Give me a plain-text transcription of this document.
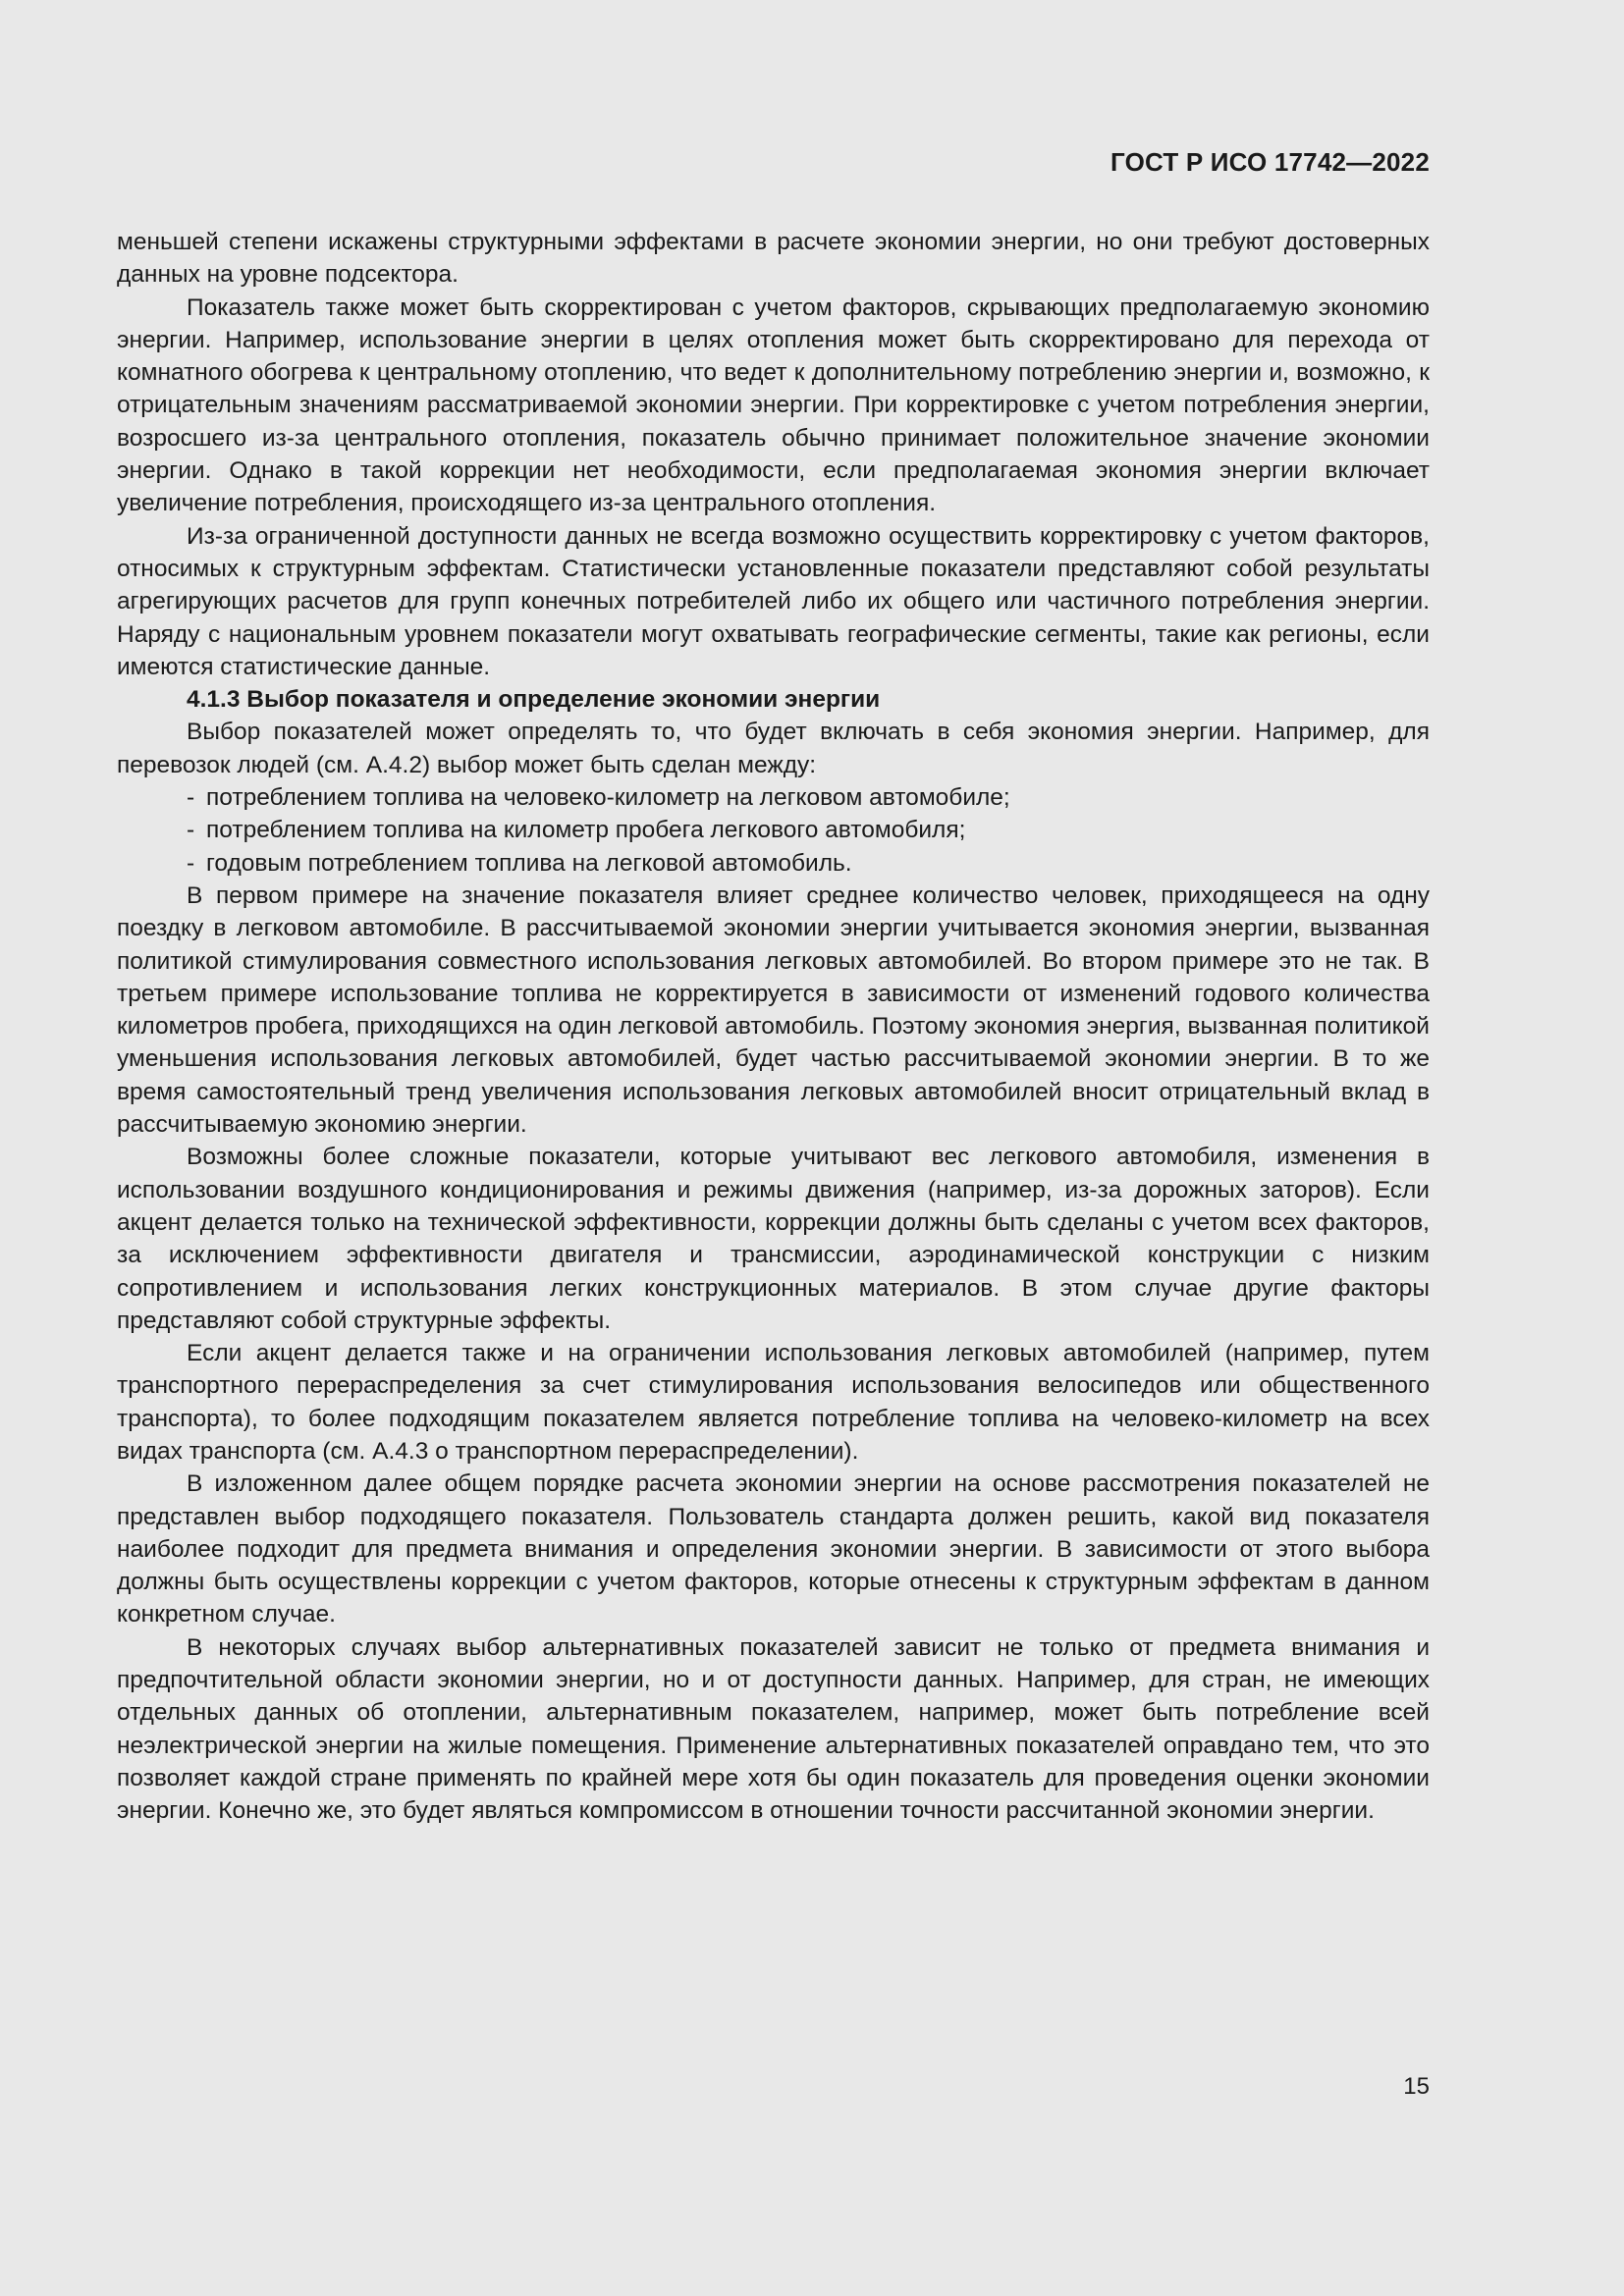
ГОСТ Р ИСО 17742—2022

меньшей степени искажены структурными эффектами в расчете экономии энергии, но они требуют достоверных данных на уровне подсектора.

Показатель также может быть скорректирован с учетом факторов, скрывающих предполагаемую экономию энергии. Например, использование энергии в целях отопления может быть скорректировано для перехода от комнатного обогрева к центральному отоплению, что ведет к дополнительному потреблению энергии и, возможно, к отрицательным значениям рассматриваемой экономии энергии. При корректировке с учетом потребления энергии, возросшего из-за центрального отопления, показатель обычно принимает положительное значение экономии энергии. Однако в такой коррекции нет необходимости, если предполагаемая экономия энергии включает увеличение потребления, происходящего из-за центрального отопления.

Из-за ограниченной доступности данных не всегда возможно осуществить корректировку с учетом факторов, относимых к структурным эффектам. Статистически установленные показатели представляют собой результаты агрегирующих расчетов для групп конечных потребителей либо их общего или частичного потребления энергии. Наряду с национальным уровнем показатели могут охватывать географические сегменты, такие как регионы, если имеются статистические данные.

4.1.3 Выбор показателя и определение экономии энергии

Выбор показателей может определять то, что будет включать в себя экономия энергии. Например, для перевозок людей (см. А.4.2) выбор может быть сделан между:

- потреблением топлива на человеко-километр на легковом автомобиле;
- потреблением топлива на километр пробега легкового автомобиля;
- годовым потреблением топлива на легковой автомобиль.

В первом примере на значение показателя влияет среднее количество человек, приходящееся на одну поездку в легковом автомобиле. В рассчитываемой экономии энергии учитывается экономия энергии, вызванная политикой стимулирования совместного использования легковых автомобилей. Во втором примере это не так. В третьем примере использование топлива не корректируется в зависимости от изменений годового количества километров пробега, приходящихся на один легковой автомобиль. Поэтому экономия энергия, вызванная политикой уменьшения использования легковых автомобилей, будет частью рассчитываемой экономии энергии. В то же время самостоятельный тренд увеличения использования легковых автомобилей вносит отрицательный вклад в рассчитываемую экономию энергии.

Возможны более сложные показатели, которые учитывают вес легкового автомобиля, изменения в использовании воздушного кондиционирования и режимы движения (например, из-за дорожных заторов). Если акцент делается только на технической эффективности, коррекции должны быть сделаны с учетом всех факторов, за исключением эффективности двигателя и трансмиссии, аэродинамической конструкции с низким сопротивлением и использования легких конструкционных материалов. В этом случае другие факторы представляют собой структурные эффекты.

Если акцент делается также и на ограничении использования легковых автомобилей (например, путем транспортного перераспределения за счет стимулирования использования велосипедов или общественного транспорта), то более подходящим показателем является потребление топлива на человеко-километр на всех видах транспорта (см. А.4.3 о транспортном перераспределении).

В изложенном далее общем порядке расчета экономии энергии на основе рассмотрения показателей не представлен выбор подходящего показателя. Пользователь стандарта должен решить, какой вид показателя наиболее подходит для предмета внимания и определения экономии энергии. В зависимости от этого выбора должны быть осуществлены коррекции с учетом факторов, которые отнесены к структурным эффектам в данном конкретном случае.

В некоторых случаях выбор альтернативных показателей зависит не только от предмета внимания и предпочтительной области экономии энергии, но и от доступности данных. Например, для стран, не имеющих отдельных данных об отоплении, альтернативным показателем, например, может быть потребление всей неэлектрической энергии на жилые помещения. Применение альтернативных показателей оправдано тем, что это позволяет каждой стране применять по крайней мере хотя бы один показатель для проведения оценки экономии энергии. Конечно же, это будет являться компромиссом в отношении точности рассчитанной экономии энергии.

15
